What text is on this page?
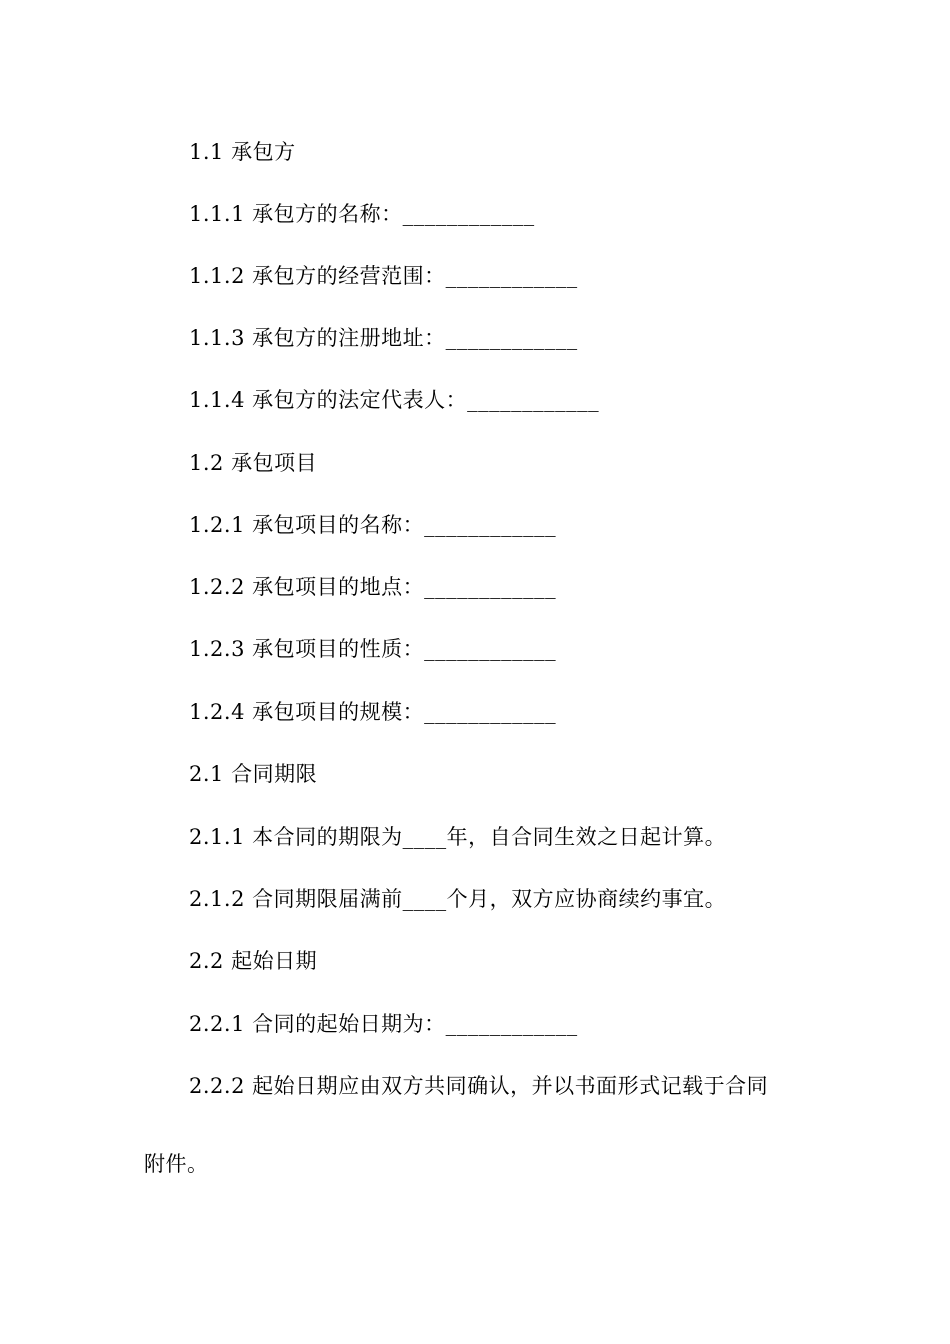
1.1 承包方
1.1.1 承包方的名称：____________
1.1.2 承包方的经营范围：____________
1.1.3 承包方的注册地址：____________
1.1.4 承包方的法定代表人：____________
1.2 承包项目
1.2.1 承包项目的名称：____________
1.2.2 承包项目的地点：____________
1.2.3 承包项目的性质：____________
1.2.4 承包项目的规模：____________
2.1 合同期限
2.1.1 本合同的期限为____年，自合同生效之日起计算。
2.1.2 合同期限届满前____个月，双方应协商续约事宜。
2.2 起始日期
2.2.1 合同的起始日期为：____________
2.2.2 起始日期应由双方共同确认，并以书面形式记载于合同
附件。
